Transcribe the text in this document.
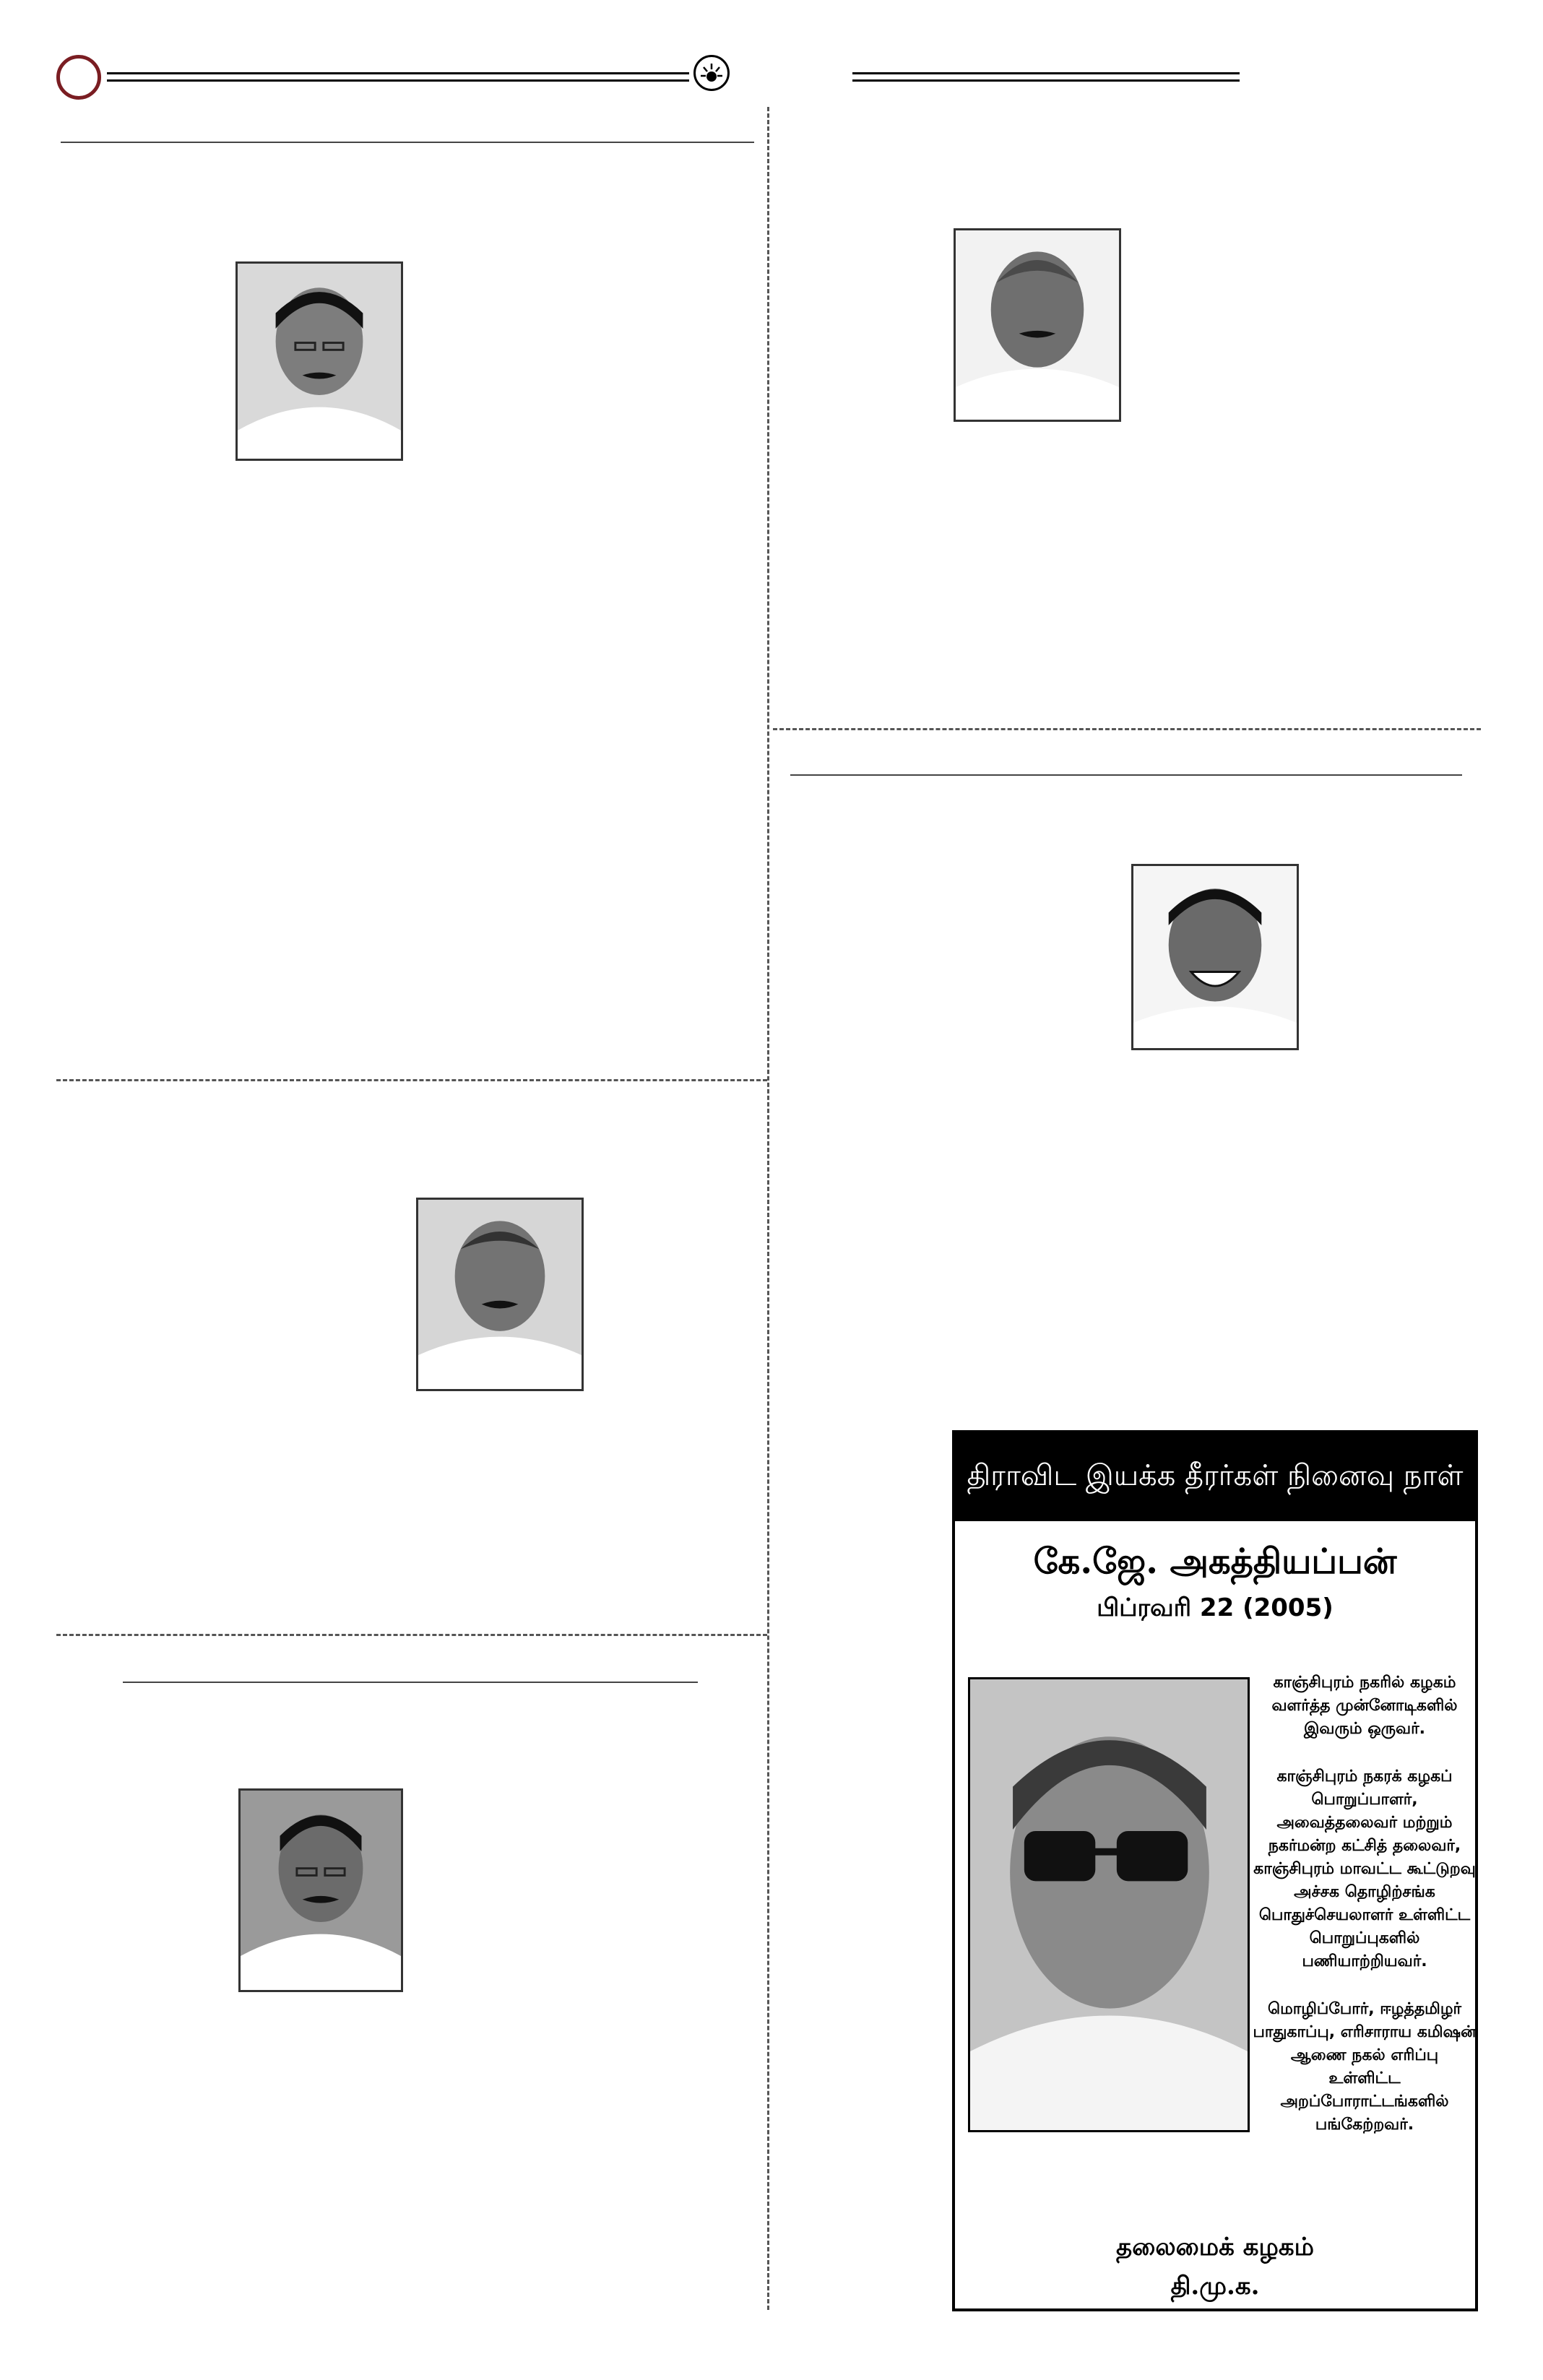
திராவிட இயக்க தீரர்கள் நினைவு நாள்
கே.ஜே. அகத்தியப்பன்
பிப்ரவரி 22 (2005)

காஞ்சிபுரம் நகரில் கழகம் வளர்த்த முன்னோடிகளில் இவரும் ஒருவர்.

காஞ்சிபுரம் நகரக் கழகப் பொறுப்பாளர், அவைத்தலைவர் மற்றும் நகர்மன்ற கட்சித் தலைவர், காஞ்சிபுரம் மாவட்ட கூட்டுறவு அச்சக தொழிற்சங்க பொதுச்செயலாளர் உள்ளிட்ட பொறுப்புகளில் பணியாற்றியவர்.

மொழிப்போர், ஈழத்தமிழர் பாதுகாப்பு, எரிசாராய கமிஷன் ஆணை நகல் எரிப்பு உள்ளிட்ட அறப்போராட்டங்களில் பங்கேற்றவர்.

தலைமைக் கழகம்
தி.மு.க.
